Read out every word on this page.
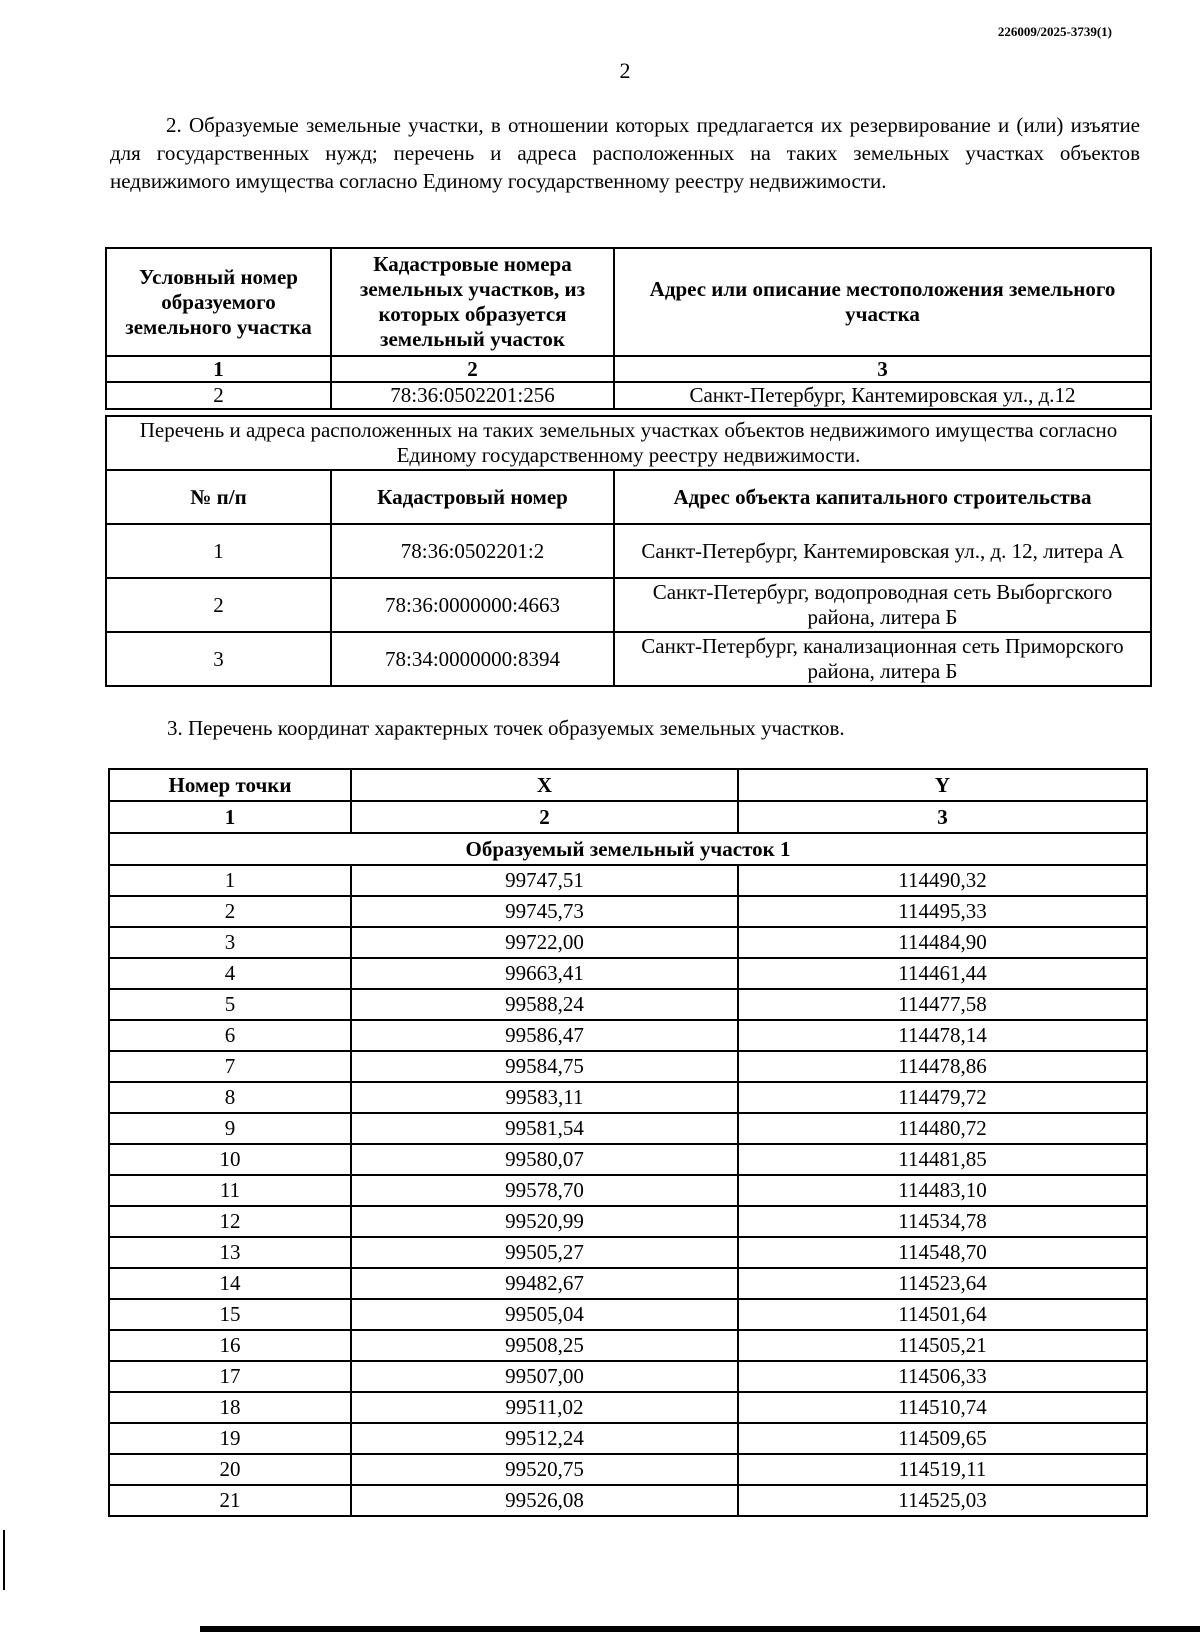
226009/2025-3739(1)
2

2. Образуемые земельные участки, в отношении которых предлагается их резервирование и (или) изъятие для государственных нужд; перечень и адреса расположенных на таких земельных участках объектов недвижимого имущества согласно Единому государственному реестру недвижимости.

Условный номер образуемого земельного участка	Кадастровые номера земельных участков, из которых образуется земельный участок	Адрес или описание местоположения земельного участка
1	2	3
2	78:36:0502201:256	Санкт-Петербург, Кантемировская ул., д.12
Перечень и адреса расположенных на таких земельных участках объектов недвижимого имущества согласно Единому государственному реестру недвижимости.		
№ п/п	Кадастровый номер	Адрес объекта капитального строительства
1	78:36:0502201:2	Санкт-Петербург, Кантемировская ул., д. 12, литера А
2	78:36:0000000:4663	Санкт-Петербург, водопроводная сеть Выборгского района, литера Б
3	78:34:0000000:8394	Санкт-Петербург, канализационная сеть Приморского района, литера Б
3. Перечень координат характерных точек образуемых земельных участков.
Номер точки	X	Y
1	2	3
Образуемый земельный участок 1		
1	99747,51	114490,32
2	99745,73	114495,33
3	99722,00	114484,90
4	99663,41	114461,44
5	99588,24	114477,58
6	99586,47	114478,14
7	99584,75	114478,86
8	99583,11	114479,72
9	99581,54	114480,72
10	99580,07	114481,85
11	99578,70	114483,10
12	99520,99	114534,78
13	99505,27	114548,70
14	99482,67	114523,64
15	99505,04	114501,64
16	99508,25	114505,21
17	99507,00	114506,33
18	99511,02	114510,74
19	99512,24	114509,65
20	99520,75	114519,11
21	99526,08	114525,03
